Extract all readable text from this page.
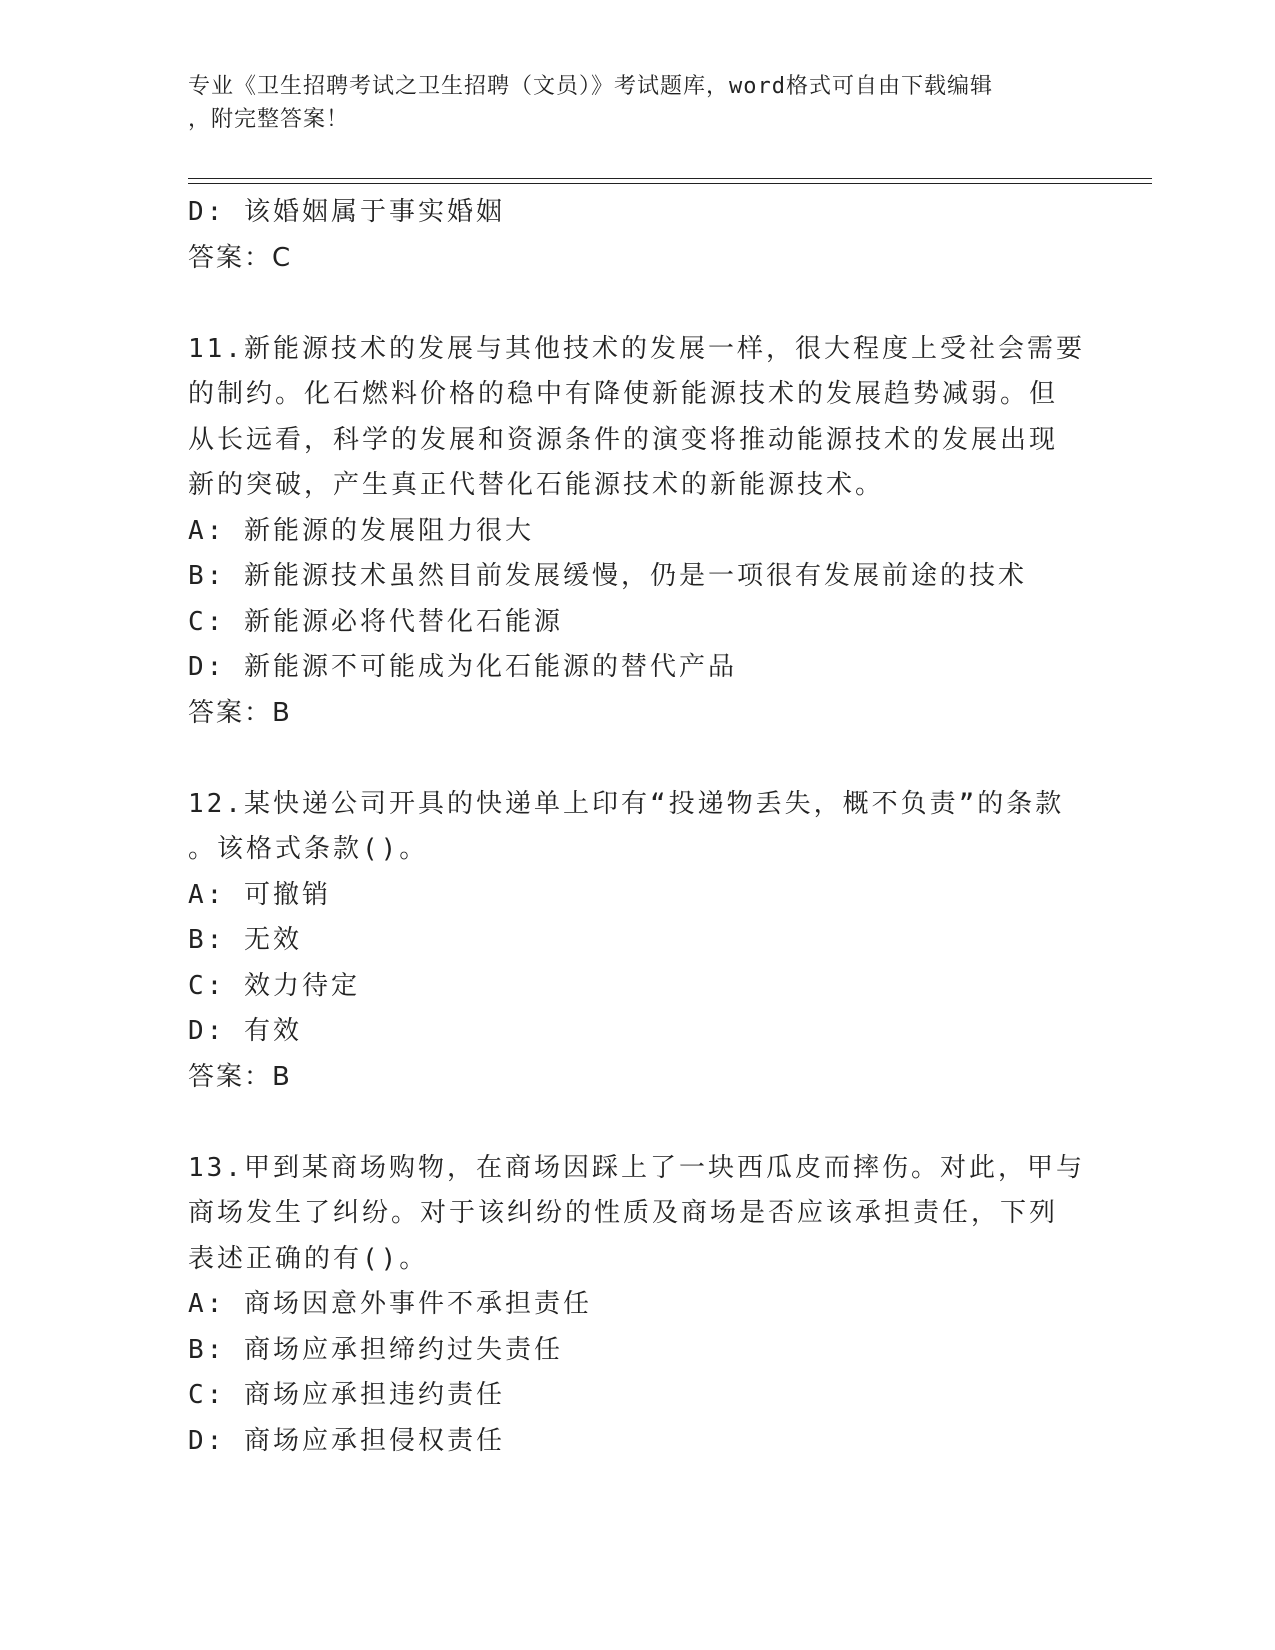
专业《卫生招聘考试之卫生招聘（文员）》考试题库，word格式可自由下载编辑
，附完整答案！

D: 该婚姻属于事实婚姻

答案：C

11.新能源技术的发展与其他技术的发展一样，很大程度上受社会需要

的制约。化石燃料价格的稳中有降使新能源技术的发展趋势减弱。但

从长远看，科学的发展和资源条件的演变将推动能源技术的发展出现

新的突破，产生真正代替化石能源技术的新能源技术。

A: 新能源的发展阻力很大

B: 新能源技术虽然目前发展缓慢，仍是一项很有发展前途的技术

C: 新能源必将代替化石能源

D: 新能源不可能成为化石能源的替代产品

答案：B

12.某快递公司开具的快递单上印有“投递物丢失，概不负责”的条款

。该格式条款()。

A: 可撤销

B: 无效

C: 效力待定

D: 有效

答案：B

13.甲到某商场购物，在商场因踩上了一块西瓜皮而摔伤。对此，甲与

商场发生了纠纷。对于该纠纷的性质及商场是否应该承担责任，下列

表述正确的有()。

A: 商场因意外事件不承担责任

B: 商场应承担缔约过失责任

C: 商场应承担违约责任

D: 商场应承担侵权责任
